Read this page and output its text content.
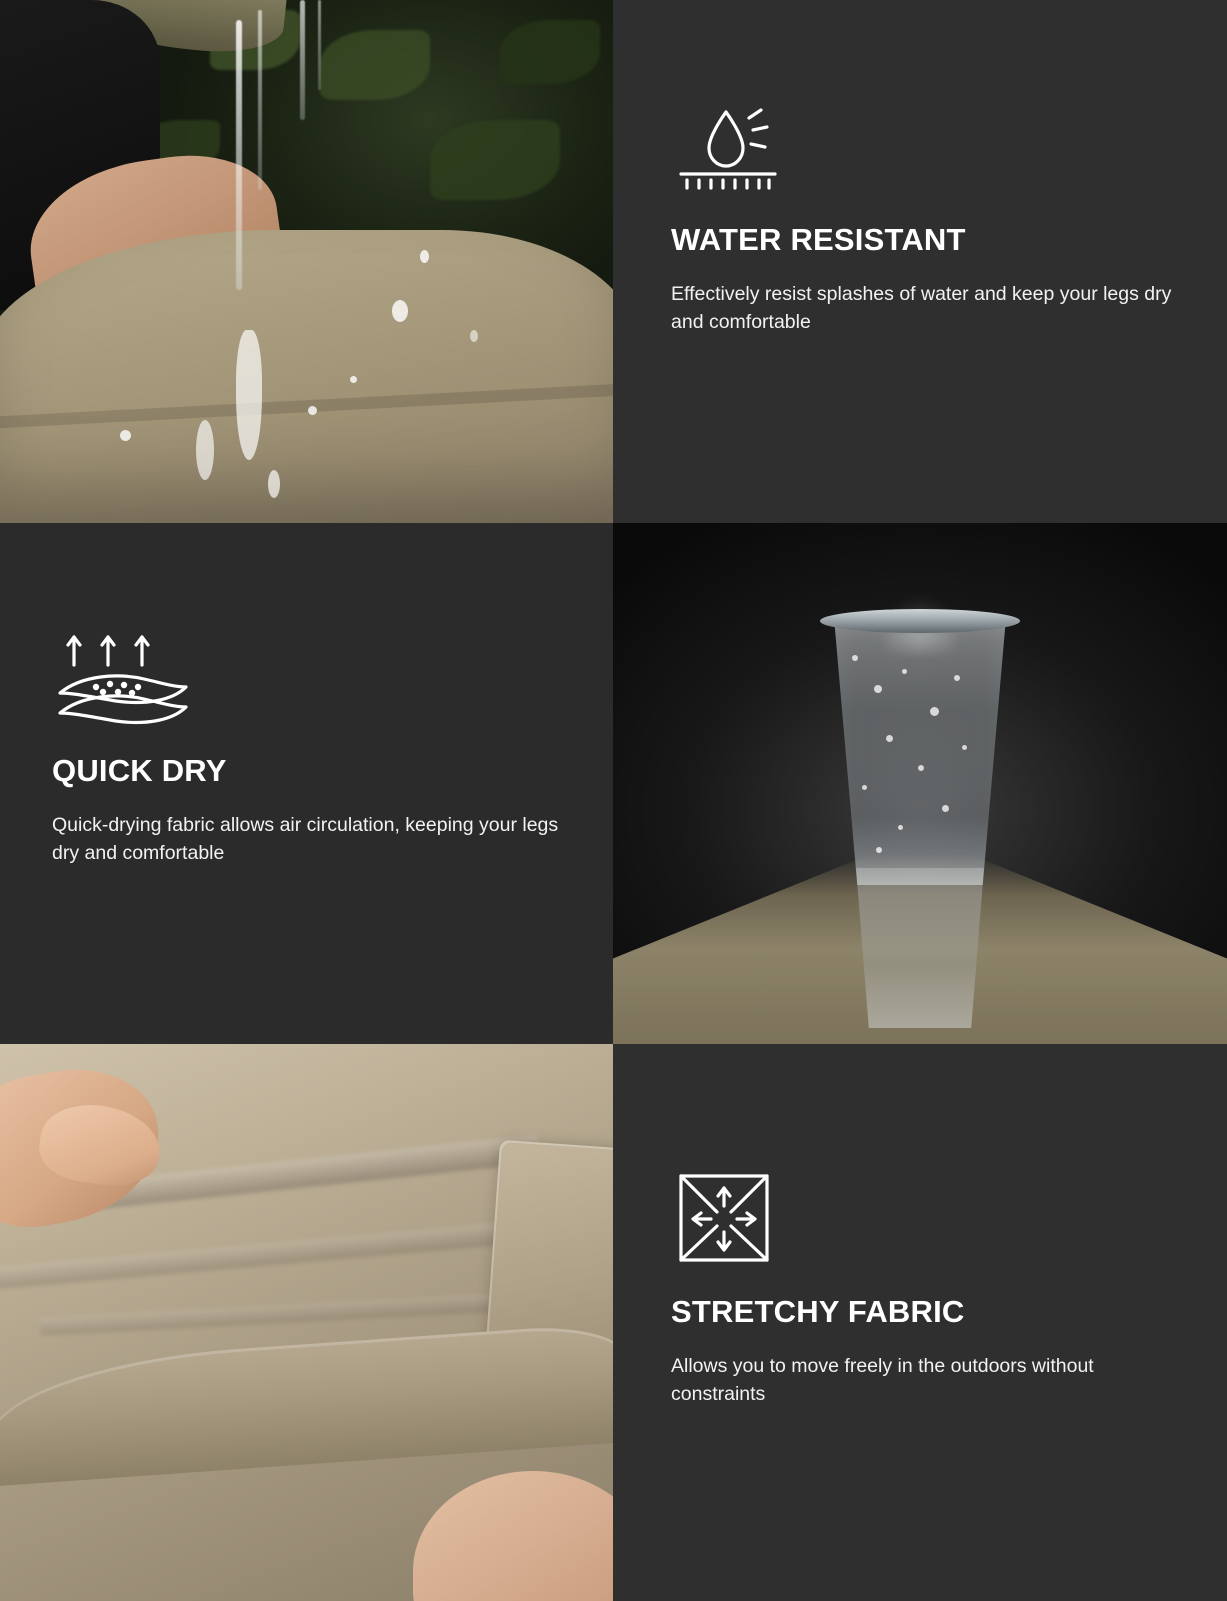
WATER RESISTANT

Effectively resist splashes of water and keep your legs dry and comfortable

QUICK DRY

Quick-drying fabric allows air circulation, keeping your legs dry and comfortable

STRETCHY FABRIC

Allows you to move freely in the outdoors without constraints
